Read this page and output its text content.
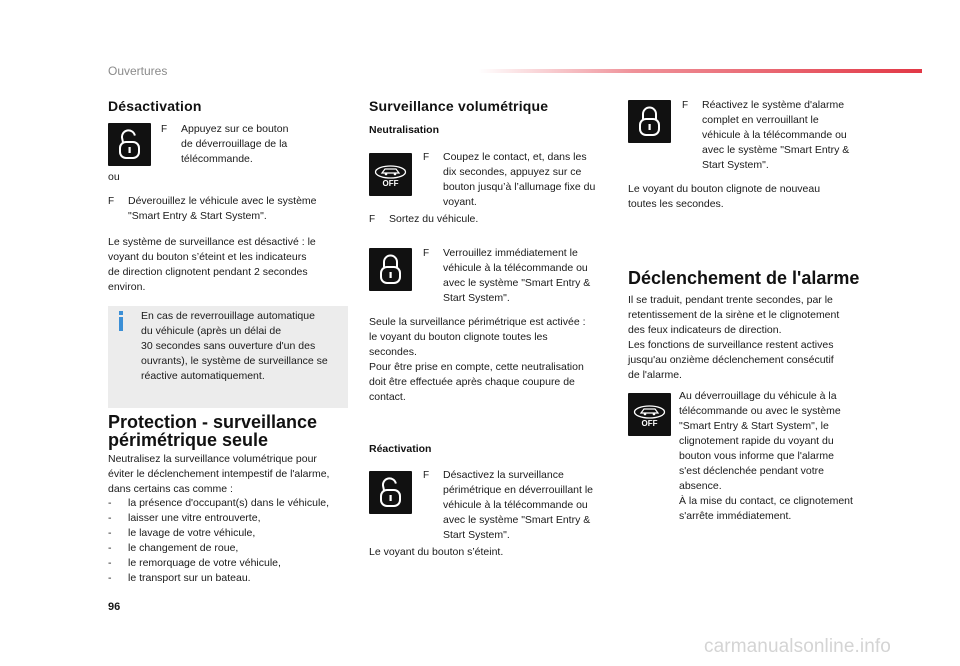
Ouvertures
Désactivation
F	Appuyez sur ce bouton
de déverrouillage de la
télécommande.
ou
F	Déverouillez le véhicule avec le système
"Smart Entry & Start System".
Le système de surveillance est désactivé : le
voyant du bouton s’éteint et les indicateurs
de direction clignotent pendant 2 secondes
environ.
En cas de reverrouillage automatique
du véhicule (après un délai de
30 secondes sans ouverture d'un des
ouvrants), le système de surveillance se
réactive automatiquement.
Protection - surveillance
périmétrique seule
Neutralisez la surveillance volumétrique pour
éviter le déclenchement intempestif de l'alarme,
dans certains cas comme :
-	la présence d'occupant(s) dans le véhicule,
-	laisser une vitre entrouverte,
-	le lavage de votre véhicule,
-	le changement de roue,
-	le remorquage de votre véhicule,
-	le transport sur un bateau.
Surveillance volumétrique
Neutralisation
OFF
F	Coupez le contact, et, dans les
dix secondes, appuyez sur ce
bouton jusqu’à l’allumage fixe du
voyant.
F	Sortez du véhicule.
F	Verrouillez immédiatement le
véhicule à la télécommande ou
avec le système "Smart Entry &
Start System".
Seule la surveillance périmétrique est activée :
le voyant du bouton clignote toutes les
secondes.
Pour être prise en compte, cette neutralisation
doit être effectuée après chaque coupure de
contact.
Réactivation
F	Désactivez la surveillance
périmétrique en déverrouillant le
véhicule à la télécommande ou
avec le système "Smart Entry &
Start System".
Le voyant du bouton s’éteint.
F	Réactivez le système d'alarme
complet en verrouillant le
véhicule à la télécommande ou
avec le système "Smart Entry &
Start System".
Le voyant du bouton clignote de nouveau
toutes les secondes.
Déclenchement de l'alarme
Il se traduit, pendant trente secondes, par le
retentissement de la sirène et le clignotement
des feux indicateurs de direction.
Les fonctions de surveillance restent actives
jusqu'au onzième déclenchement consécutif
de l'alarme.
OFF
Au déverrouillage du véhicule à la
télécommande ou avec le système
"Smart Entry & Start System", le
clignotement rapide du voyant du
bouton vous informe que l'alarme
s'est déclenchée pendant votre
absence.
À la mise du contact, ce clignotement
s'arrête immédiatement.
96
carmanualsonline.info
